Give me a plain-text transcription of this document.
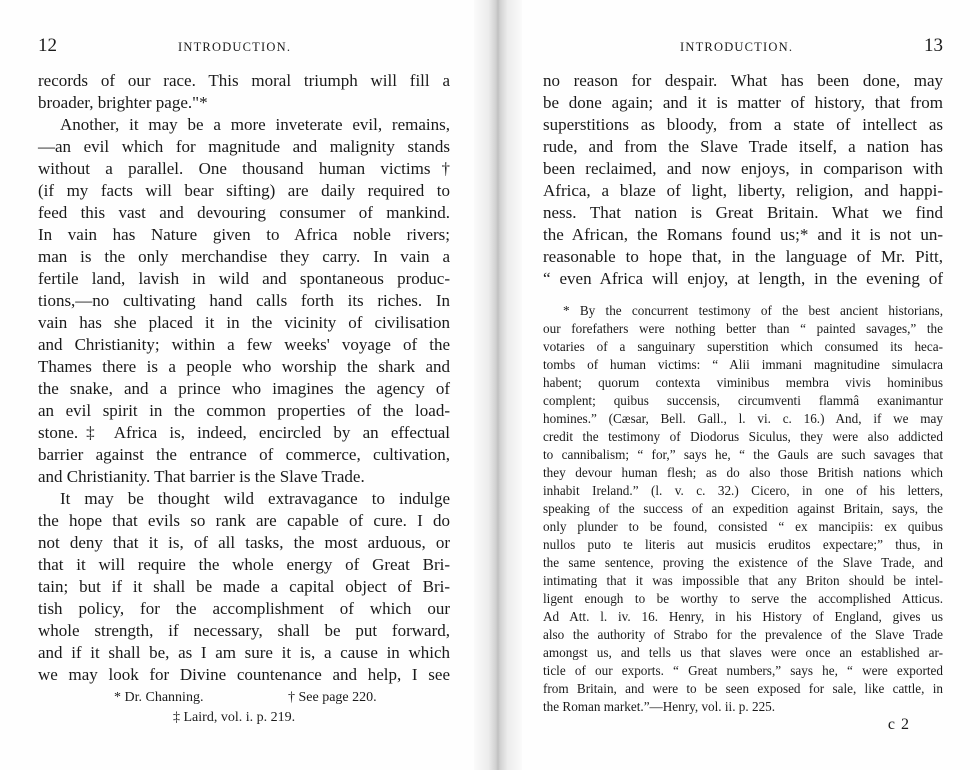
12	INTRODUCTION.
records of our race. This moral triumph will fill a
broader, brighter page."*
Another, it may be a more inveterate evil, remains,
—an evil which for magnitude and malignity stands
without a parallel. One thousand human victims†
(if my facts will bear sifting) are daily required to
feed this vast and devouring consumer of mankind.
In vain has Nature given to Africa noble rivers;
man is the only merchandise they carry. In vain a
fertile land, lavish in wild and spontaneous produc-
tions,—no cultivating hand calls forth its riches. In
vain has she placed it in the vicinity of civilisation
and Christianity; within a few weeks' voyage of the
Thames there is a people who worship the shark and
the snake, and a prince who imagines the agency of
an evil spirit in the common properties of the load-
stone.‡ Africa is, indeed, encircled by an effectual
barrier against the entrance of commerce, cultivation,
and Christianity. That barrier is the Slave Trade.
It may be thought wild extravagance to indulge
the hope that evils so rank are capable of cure. I do
not deny that it is, of all tasks, the most arduous, or
that it will require the whole energy of Great Bri-
tain; but if it shall be made a capital object of Bri-
tish policy, for the accomplishment of which our
whole strength, if necessary, shall be put forward,
and if it shall be, as I am sure it is, a cause in which
we may look for Divine countenance and help, I see
* Dr. Channing.	† See page 220.
‡ Laird, vol. i. p. 219.
INTRODUCTION.	13
no reason for despair. What has been done, may
be done again; and it is matter of history, that from
superstitions as bloody, from a state of intellect as
rude, and from the Slave Trade itself, a nation has
been reclaimed, and now enjoys, in comparison with
Africa, a blaze of light, liberty, religion, and happi-
ness. That nation is Great Britain. What we find
the African, the Romans found us;* and it is not un-
reasonable to hope that, in the language of Mr. Pitt,
“ even Africa will enjoy, at length, in the evening of
* By the concurrent testimony of the best ancient historians,
our forefathers were nothing better than “ painted savages,” the
votaries of a sanguinary superstition which consumed its heca-
tombs of human victims: “ Alii immani magnitudine simulacra
habent; quorum contexta viminibus membra vivis hominibus
complent; quibus succensis, circumventi flammâ exanimantur
homines.” (Cæsar, Bell. Gall., l. vi. c. 16.) And, if we may
credit the testimony of Diodorus Siculus, they were also addicted
to cannibalism; “ for,” says he, “ the Gauls are such savages that
they devour human flesh; as do also those British nations which
inhabit Ireland.” (l. v. c. 32.) Cicero, in one of his letters,
speaking of the success of an expedition against Britain, says, the
only plunder to be found, consisted “ ex mancipiis: ex quibus
nullos puto te literis aut musicis eruditos expectare;” thus, in
the same sentence, proving the existence of the Slave Trade, and
intimating that it was impossible that any Briton should be intel-
ligent enough to be worthy to serve the accomplished Atticus.
Ad Att. l. iv. 16. Henry, in his History of England, gives us
also the authority of Strabo for the prevalence of the Slave Trade
amongst us, and tells us that slaves were once an established ar-
ticle of our exports. “ Great numbers,” says he, “ were exported
from Britain, and were to be seen exposed for sale, like cattle, in
the Roman market.”—Henry, vol. ii. p. 225.
c 2
